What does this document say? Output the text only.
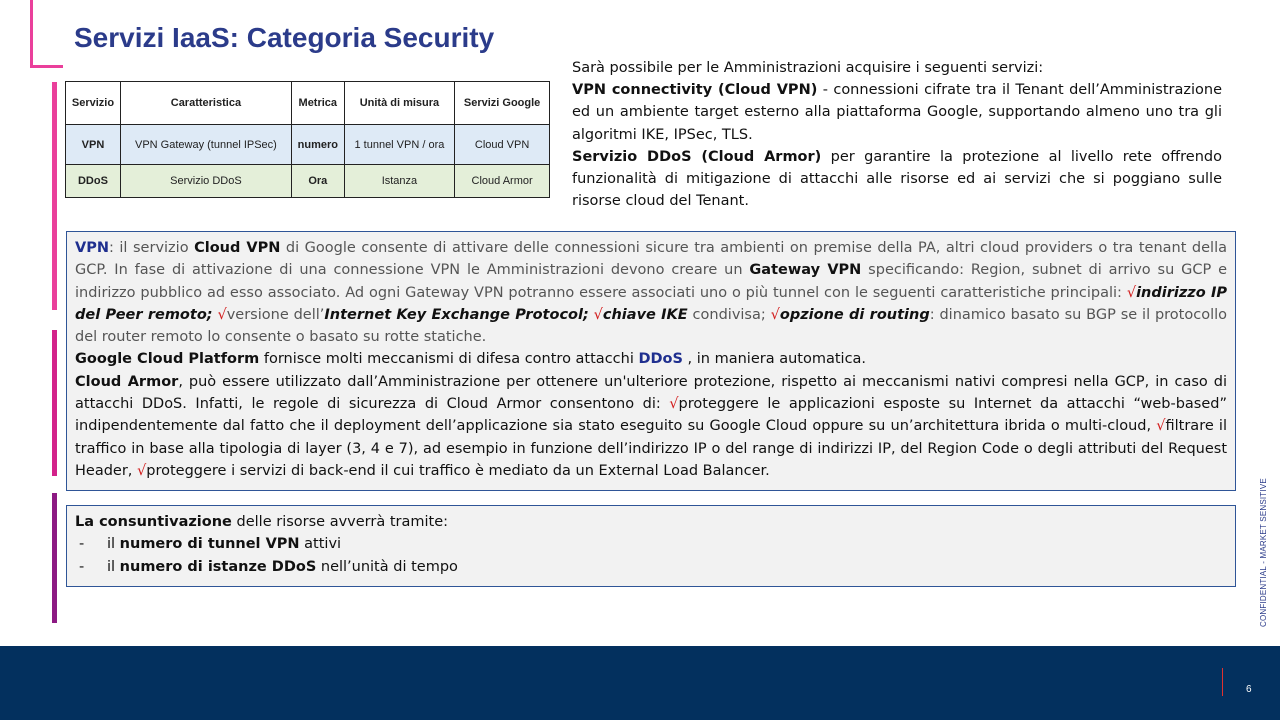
Servizi IaaS: Categoria Security
Servizio	Caratteristica	Metrica	Unità di misura	Servizi Google
VPN	VPN Gateway (tunnel IPSec)	numero	1 tunnel VPN / ora	Cloud VPN
DDoS	Servizio DDoS	Ora	Istanza	Cloud Armor

Sarà possibile per le Amministrazioni acquisire i seguenti servizi:

VPN connectivity (Cloud VPN) - connessioni cifrate tra il Tenant dell’Amministrazione ed un ambiente target esterno alla piattaforma Google, supportando almeno uno tra gli algoritmi IKE, IPSec, TLS.

Servizio DDoS (Cloud Armor) per garantire la protezione al livello rete offrendo funzionalità di mitigazione di attacchi alle risorse ed ai servizi che si poggiano sulle risorse cloud del Tenant.

VPN: il servizio Cloud VPN di Google consente di attivare delle connessioni sicure tra ambienti on premise della PA, altri cloud providers o tra tenant della GCP. In fase di attivazione di una connessione VPN le Amministrazioni devono creare un Gateway VPN specificando: Region, subnet di arrivo su GCP e indirizzo pubblico ad esso associato. Ad ogni Gateway VPN potranno essere associati uno o più tunnel con le seguenti caratteristiche principali: √indirizzo IP del Peer remoto; √versione dell’Internet Key Exchange Protocol; √chiave IKE condivisa; √opzione di routing: dinamico basato su BGP se il protocollo del router remoto lo consente o basato su rotte statiche.

Google Cloud Platform fornisce molti meccanismi di difesa contro attacchi DDoS , in maniera automatica.

Cloud Armor, può essere utilizzato dall’Amministrazione per ottenere un'ulteriore protezione, rispetto ai meccanismi nativi compresi nella GCP, in caso di attacchi DDoS. Infatti, le regole di sicurezza di Cloud Armor consentono di: √proteggere le applicazioni esposte su Internet da attacchi “web-based” indipendentemente dal fatto che il deployment dell’applicazione sia stato eseguito su Google Cloud oppure su un’architettura ibrida o multi-cloud, √filtrare il traffico in base alla tipologia di layer (3, 4 e 7), ad esempio in funzione dell’indirizzo IP o del range di indirizzi IP, del Region Code o degli attributi del Request Header, √proteggere i servizi di back-end il cui traffico è mediato da un External Load Balancer.

La consuntivazione delle risorse avverrà tramite:

-	il numero di tunnel VPN attivi
-	il numero di istanze DDoS nell’unità di tempo	CONFIDENTIAL - MARKET SENSITIVE
6
